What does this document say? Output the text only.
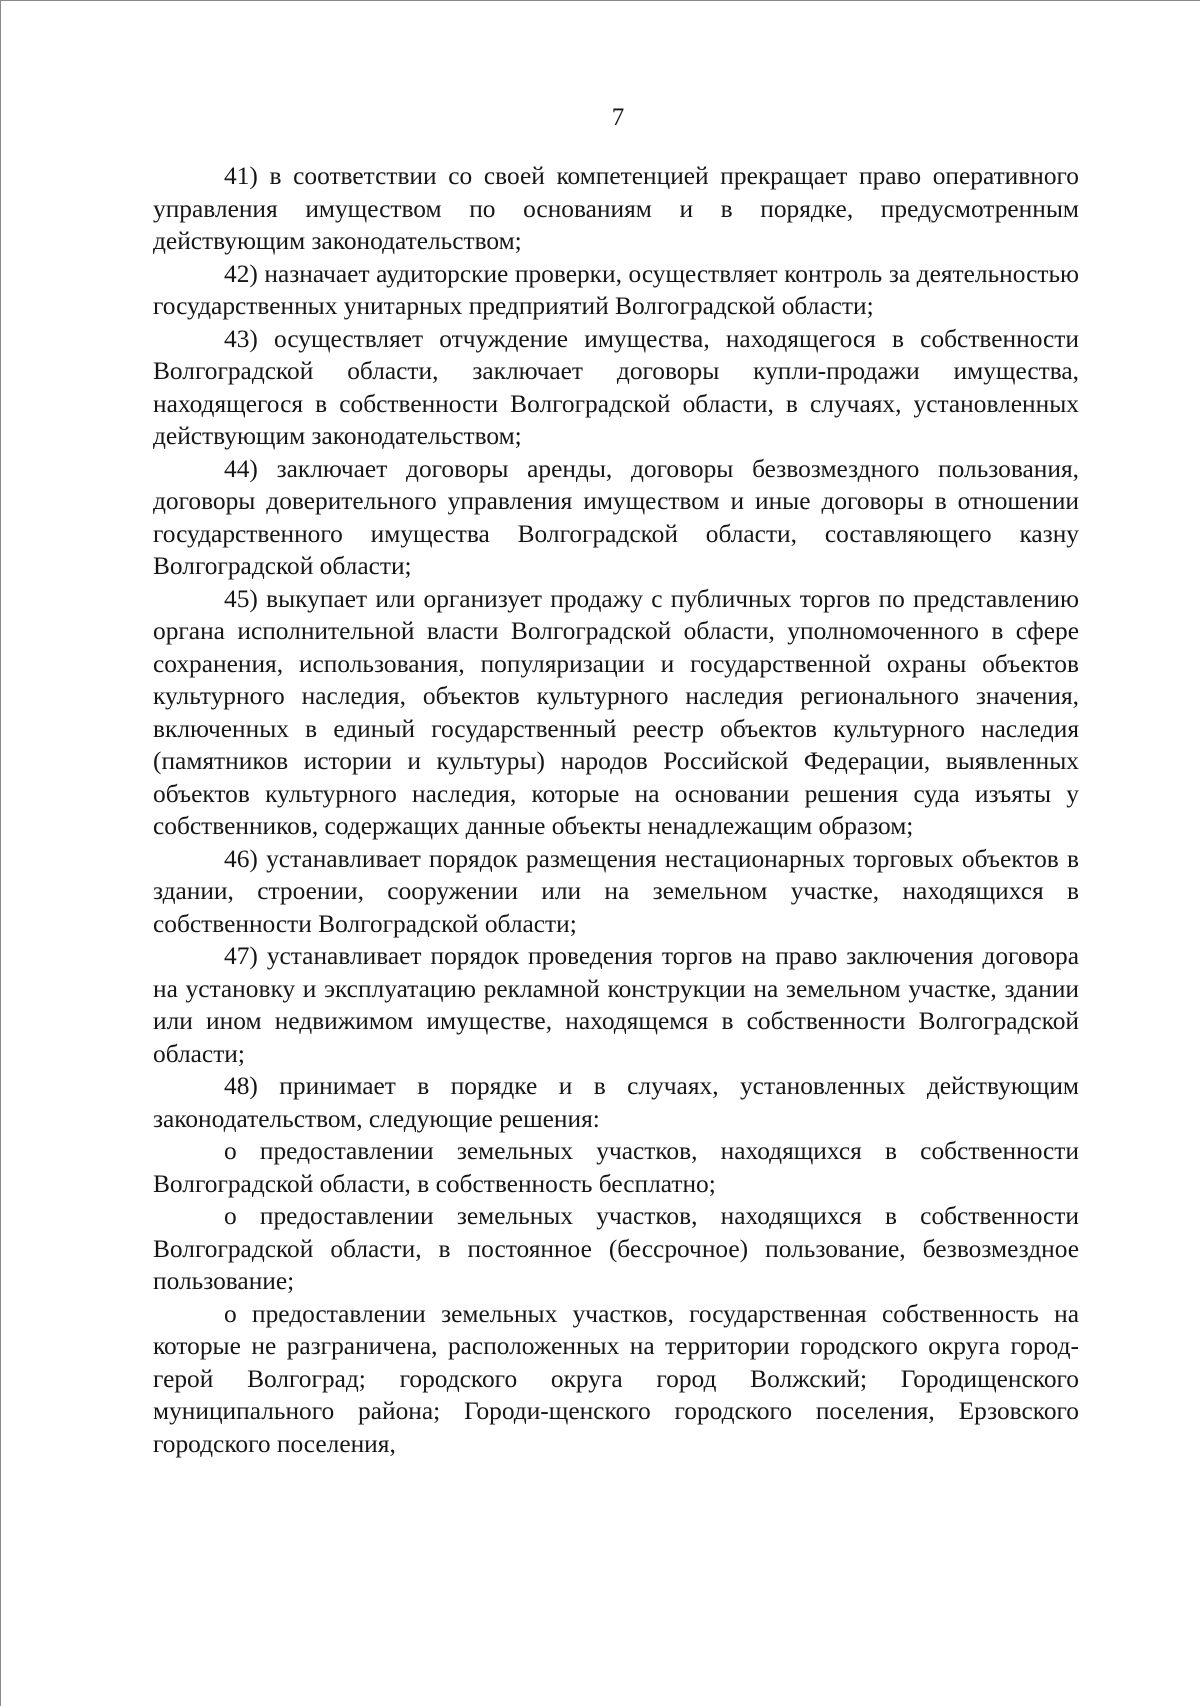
7

41) в соответствии со своей компетенцией прекращает право оперативного управления имуществом по основаниям и в порядке, предусмотренным действующим законодательством;

42) назначает аудиторские проверки, осуществляет контроль за деятельностью государственных унитарных предприятий Волгоградской области;

43) осуществляет отчуждение имущества, находящегося в собственности Волгоградской области, заключает договоры купли-продажи имущества, находящегося в собственности Волгоградской области, в случаях, установленных действующим законодательством;

44) заключает договоры аренды, договоры безвозмездного пользования, договоры доверительного управления имуществом и иные договоры в отношении государственного имущества Волгоградской области, составляющего казну Волгоградской области;

45) выкупает или организует продажу с публичных торгов по представлению органа исполнительной власти Волгоградской области, уполномоченного в сфере сохранения, использования, популяризации и государственной охраны объектов культурного наследия, объектов культурного наследия регионального значения, включенных в единый государственный реестр объектов культурного наследия (памятников истории и культуры) народов Российской Федерации, выявленных объектов культурного наследия, которые на основании решения суда изъяты у собственников, содержащих данные объекты ненадлежащим образом;

46) устанавливает порядок размещения нестационарных торговых объектов в здании, строении, сооружении или на земельном участке, находящихся в собственности Волгоградской области;

47) устанавливает порядок проведения торгов на право заключения договора на установку и эксплуатацию рекламной конструкции на земельном участке, здании или ином недвижимом имуществе, находящемся в собственности Волгоградской области;

48) принимает в порядке и в случаях, установленных действующим законодательством, следующие решения:

о предоставлении земельных участков, находящихся в собственности Волгоградской области, в собственность бесплатно;

о предоставлении земельных участков, находящихся в собственности Волгоградской области, в постоянное (бессрочное) пользование, безвозмездное пользование;

о предоставлении земельных участков, государственная собственность на которые не разграничена, расположенных на территории городского округа город-герой Волгоград; городского округа город Волжский; Городищенского муниципального района; Городи-щенского городского поселения, Ерзовского городского поселения,
